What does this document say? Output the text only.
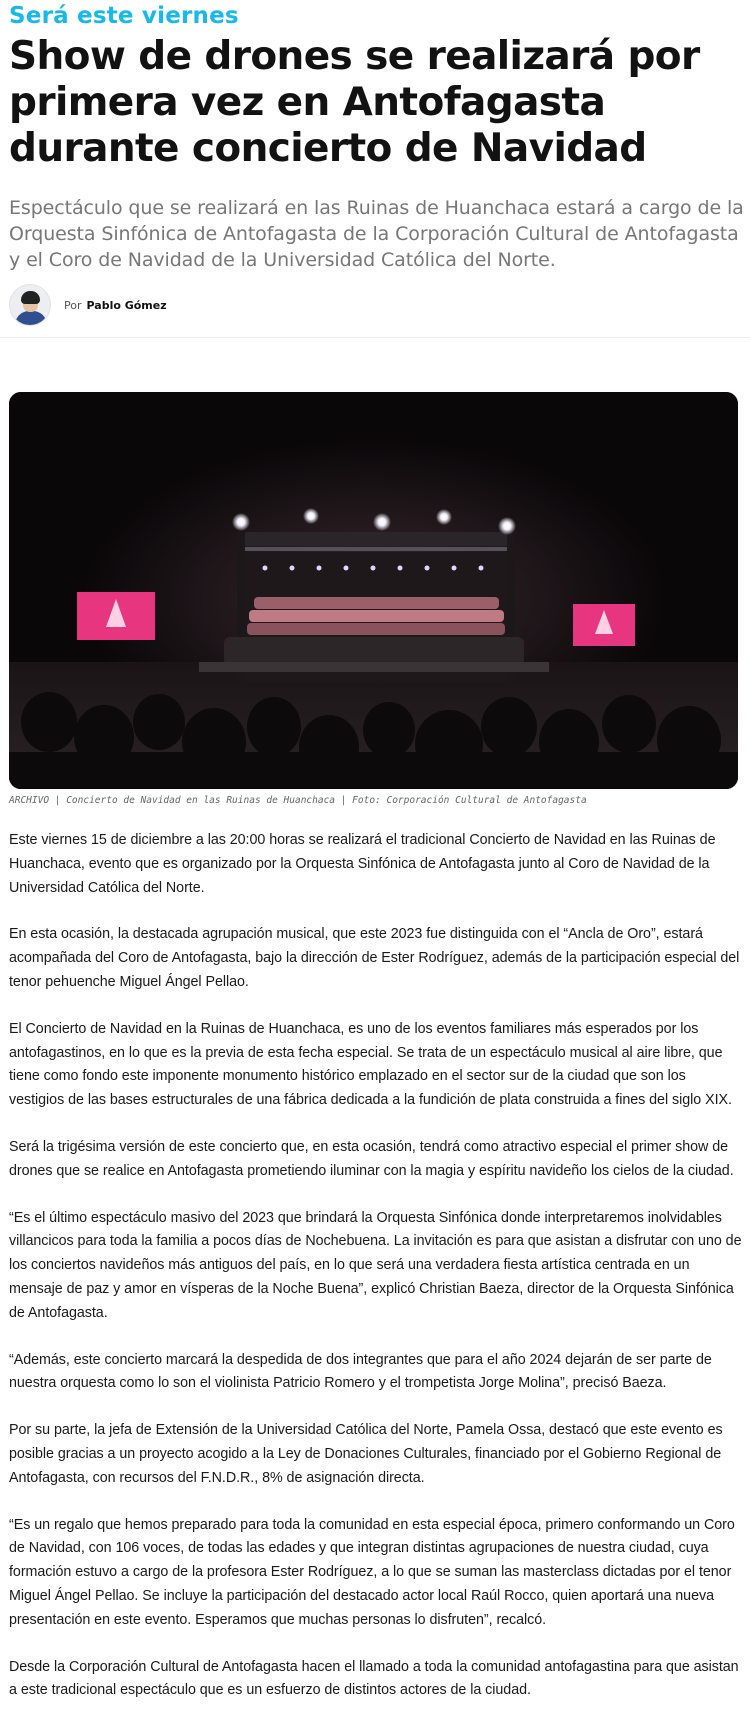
Será este viernes
Show de drones se realizará por primera vez en Antofagasta durante concierto de Navidad

Espectáculo que se realizará en las Ruinas de Huanchaca estará a cargo de la Orquesta Sinfónica de Antofagasta de la Corporación Cultural de Antofagasta y el Coro de Navidad de la Universidad Católica del Norte.

Por Pablo Gómez
ARCHIVO | Concierto de Navidad en las Ruinas de Huanchaca | Foto: Corporación Cultural de Antofagasta

Este viernes 15 de diciembre a las 20:00 horas se realizará el tradicional Concierto de Navidad en las Ruinas de Huanchaca, evento que es organizado por la Orquesta Sinfónica de Antofagasta junto al Coro de Navidad de la Universidad Católica del Norte.

En esta ocasión, la destacada agrupación musical, que este 2023 fue distinguida con el “Ancla de Oro”, estará acompañada del Coro de Antofagasta, bajo la dirección de Ester Rodríguez, además de la participación especial del tenor pehuenche Miguel Ángel Pellao.

El Concierto de Navidad en la Ruinas de Huanchaca, es uno de los eventos familiares más esperados por los antofagastinos, en lo que es la previa de esta fecha especial. Se trata de un espectáculo musical al aire libre, que tiene como fondo este imponente monumento histórico emplazado en el sector sur de la ciudad que son los vestigios de las bases estructurales de una fábrica dedicada a la fundición de plata construida a fines del siglo XIX.

Será la trigésima versión de este concierto que, en esta ocasión, tendrá como atractivo especial el primer show de drones que se realice en Antofagasta prometiendo iluminar con la magia y espíritu navideño los cielos de la ciudad.

“Es el último espectáculo masivo del 2023 que brindará la Orquesta Sinfónica donde interpretaremos inolvidables villancicos para toda la familia a pocos días de Nochebuena. La invitación es para que asistan a disfrutar con uno de los conciertos navideños más antiguos del país, en lo que será una verdadera fiesta artística centrada en un mensaje de paz y amor en vísperas de la Noche Buena”, explicó Christian Baeza, director de la Orquesta Sinfónica de Antofagasta.

“Además, este concierto marcará la despedida de dos integrantes que para el año 2024 dejarán de ser parte de nuestra orquesta como lo son el violinista Patricio Romero y el trompetista Jorge Molina”, precisó Baeza.

Por su parte, la jefa de Extensión de la Universidad Católica del Norte, Pamela Ossa, destacó que este evento es posible gracias a un proyecto acogido a la Ley de Donaciones Culturales, financiado por el Gobierno Regional de Antofagasta, con recursos del F.N.D.R., 8% de asignación directa.

“Es un regalo que hemos preparado para toda la comunidad en esta especial época, primero conformando un Coro de Navidad, con 106 voces, de todas las edades y que integran distintas agrupaciones de nuestra ciudad, cuya formación estuvo a cargo de la profesora Ester Rodríguez, a lo que se suman las masterclass dictadas por el tenor Miguel Ángel Pellao. Se incluye la participación del destacado actor local Raúl Rocco, quien aportará una nueva presentación en este evento. Esperamos que muchas personas lo disfruten”, recalcó.

Desde la Corporación Cultural de Antofagasta hacen el llamado a toda la comunidad antofagastina para que asistan a este tradicional espectáculo que es un esfuerzo de distintos actores de la ciudad.
